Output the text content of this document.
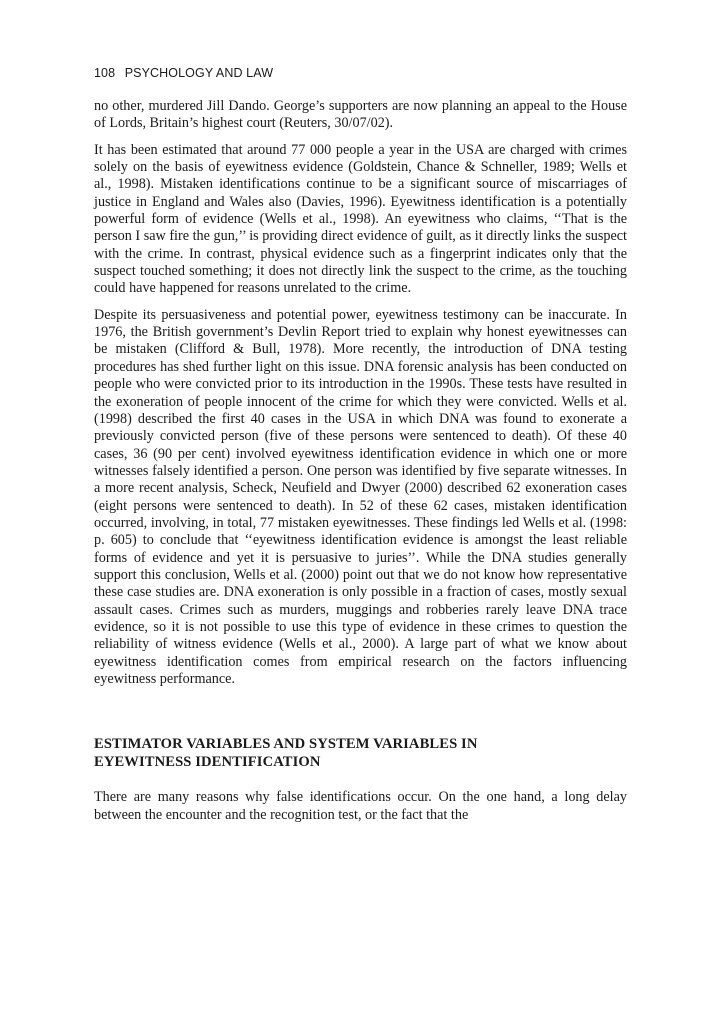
108 PSYCHOLOGY AND LAW

no other, murdered Jill Dando. George’s supporters are now planning an appeal to the House of Lords, Britain’s highest court (Reuters, 30/07/02).

It has been estimated that around 77 000 people a year in the USA are charged with crimes solely on the basis of eyewitness evidence (Goldstein, Chance & Schneller, 1989; Wells et al., 1998). Mistaken identifications continue to be a significant source of miscarriages of justice in England and Wales also (Davies, 1996). Eyewitness identification is a potentially powerful form of evidence (Wells et al., 1998). An eyewitness who claims, ‘‘That is the person I saw fire the gun,’’ is providing direct evidence of guilt, as it directly links the suspect with the crime. In contrast, physical evidence such as a fingerprint indicates only that the suspect touched something; it does not directly link the suspect to the crime, as the touching could have happened for reasons unrelated to the crime.

Despite its persuasiveness and potential power, eyewitness testimony can be inaccurate. In 1976, the British government’s Devlin Report tried to explain why honest eyewitnesses can be mistaken (Clifford & Bull, 1978). More recently, the introduction of DNA testing procedures has shed further light on this issue. DNA forensic analysis has been conducted on people who were convicted prior to its introduction in the 1990s. These tests have resulted in the exoneration of people innocent of the crime for which they were convicted. Wells et al. (1998) described the first 40 cases in the USA in which DNA was found to exonerate a previously convicted person (five of these persons were sentenced to death). Of these 40 cases, 36 (90 per cent) involved eyewitness identification evidence in which one or more witnesses falsely identified a person. One person was identified by five separate witnesses. In a more recent analysis, Scheck, Neufield and Dwyer (2000) described 62 exoneration cases (eight persons were sentenced to death). In 52 of these 62 cases, mistaken identification occurred, involving, in total, 77 mistaken eyewitnesses. These findings led Wells et al. (1998: p. 605) to conclude that ‘‘eyewitness identification evidence is amongst the least reliable forms of evidence and yet it is persuasive to juries’’. While the DNA studies generally support this conclusion, Wells et al. (2000) point out that we do not know how representative these case studies are. DNA exoneration is only possible in a fraction of cases, mostly sexual assault cases. Crimes such as murders, muggings and robberies rarely leave DNA trace evidence, so it is not possible to use this type of evidence in these crimes to question the reliability of witness evidence (Wells et al., 2000). A large part of what we know about eyewitness identification comes from empirical research on the factors influencing eyewitness performance.

ESTIMATOR VARIABLES AND SYSTEM VARIABLES IN
EYEWITNESS IDENTIFICATION

There are many reasons why false identifications occur. On the one hand, a long delay between the encounter and the recognition test, or the fact that the
